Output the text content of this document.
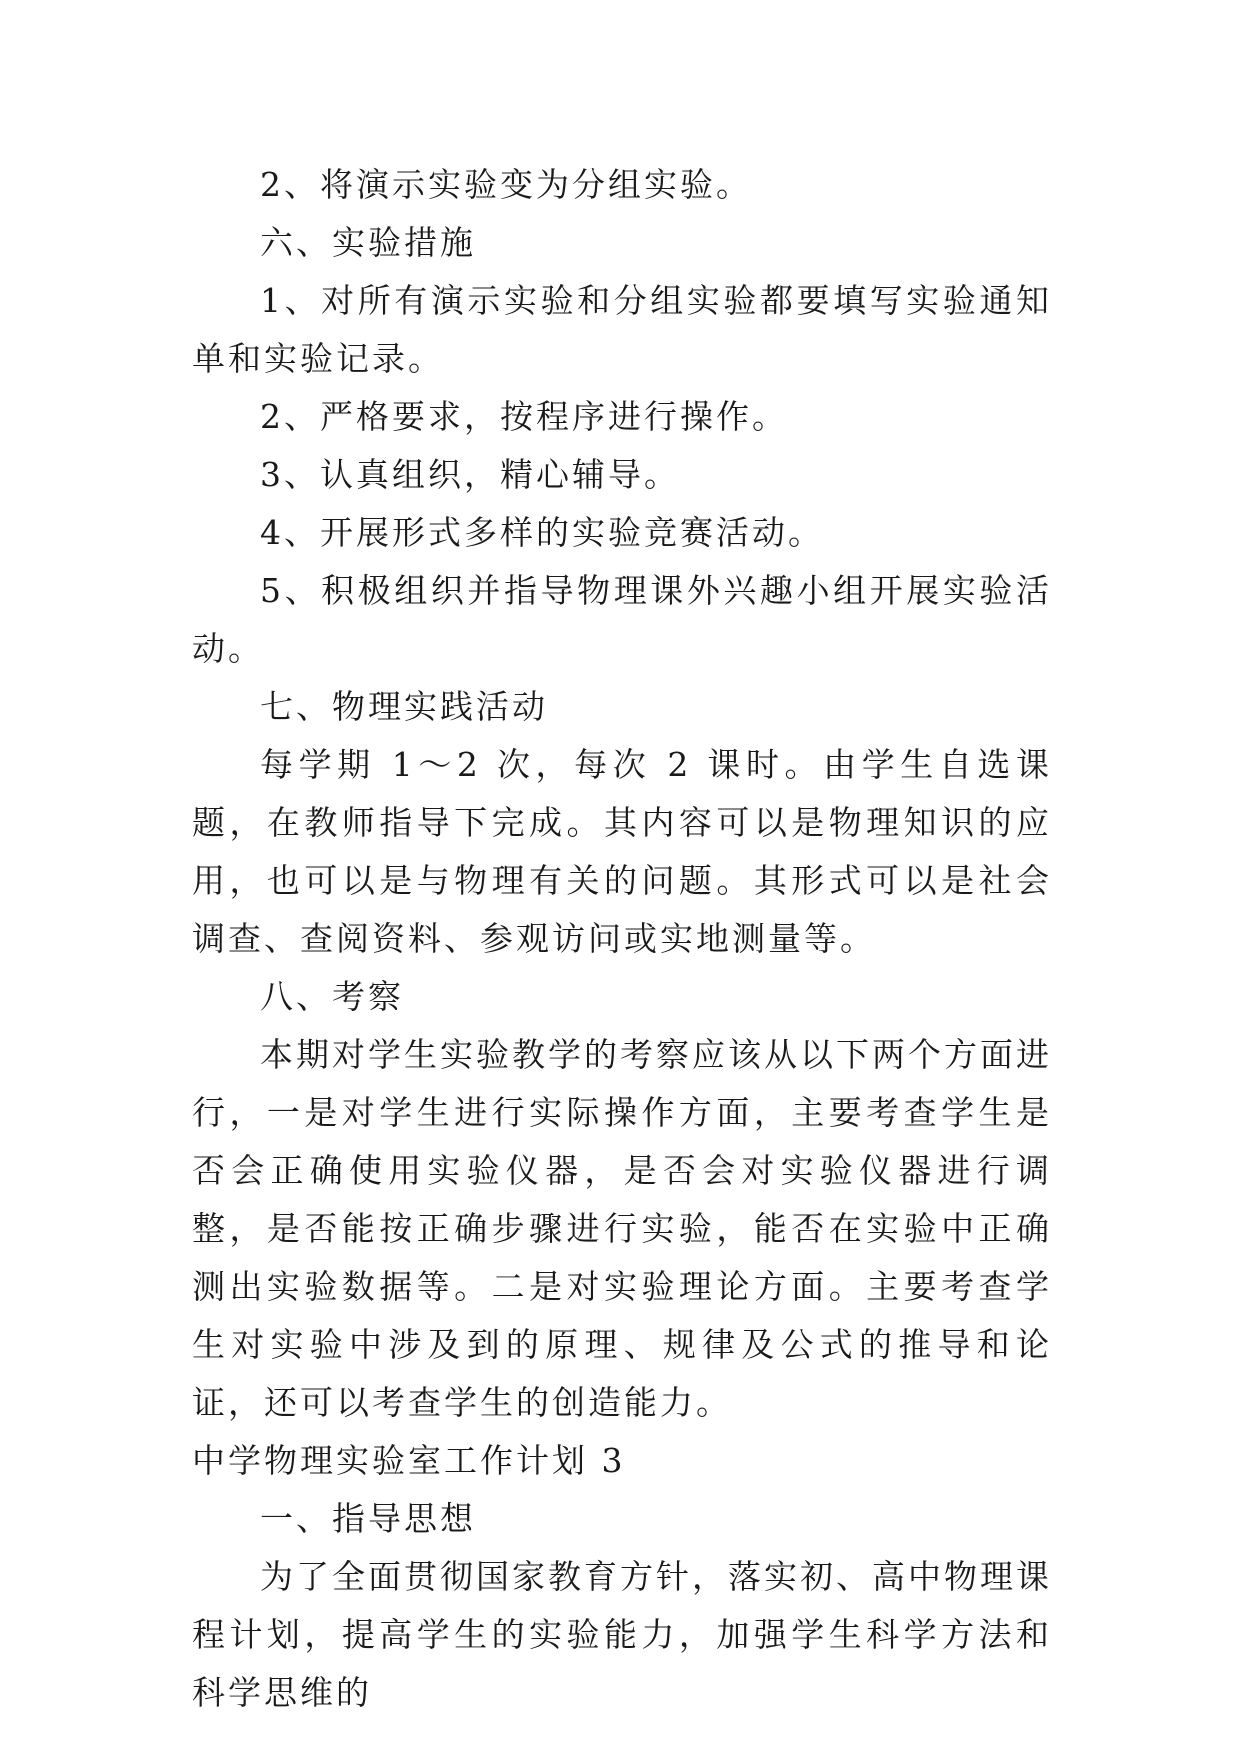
2、将演示实验变为分组实验。

六、实验措施

1、对所有演示实验和分组实验都要填写实验通知单和实验记录。

2、严格要求，按程序进行操作。

3、认真组织，精心辅导。

4、开展形式多样的实验竞赛活动。

5、积极组织并指导物理课外兴趣小组开展实验活动。

七、物理实践活动

每学期 1～2 次，每次 2 课时。由学生自选课题，在教师指导下完成。其内容可以是物理知识的应用，也可以是与物理有关的问题。其形式可以是社会调查、查阅资料、参观访问或实地测量等。

八、考察

本期对学生实验教学的考察应该从以下两个方面进行，一是对学生进行实际操作方面，主要考查学生是否会正确使用实验仪器，是否会对实验仪器进行调整，是否能按正确步骤进行实验，能否在实验中正确测出实验数据等。二是对实验理论方面。主要考查学生对实验中涉及到的原理、规律及公式的推导和论证，还可以考查学生的创造能力。

中学物理实验室工作计划 3

一、指导思想

为了全面贯彻国家教育方针，落实初、高中物理课程计划，提高学生的实验能力，加强学生科学方法和科学思维的
